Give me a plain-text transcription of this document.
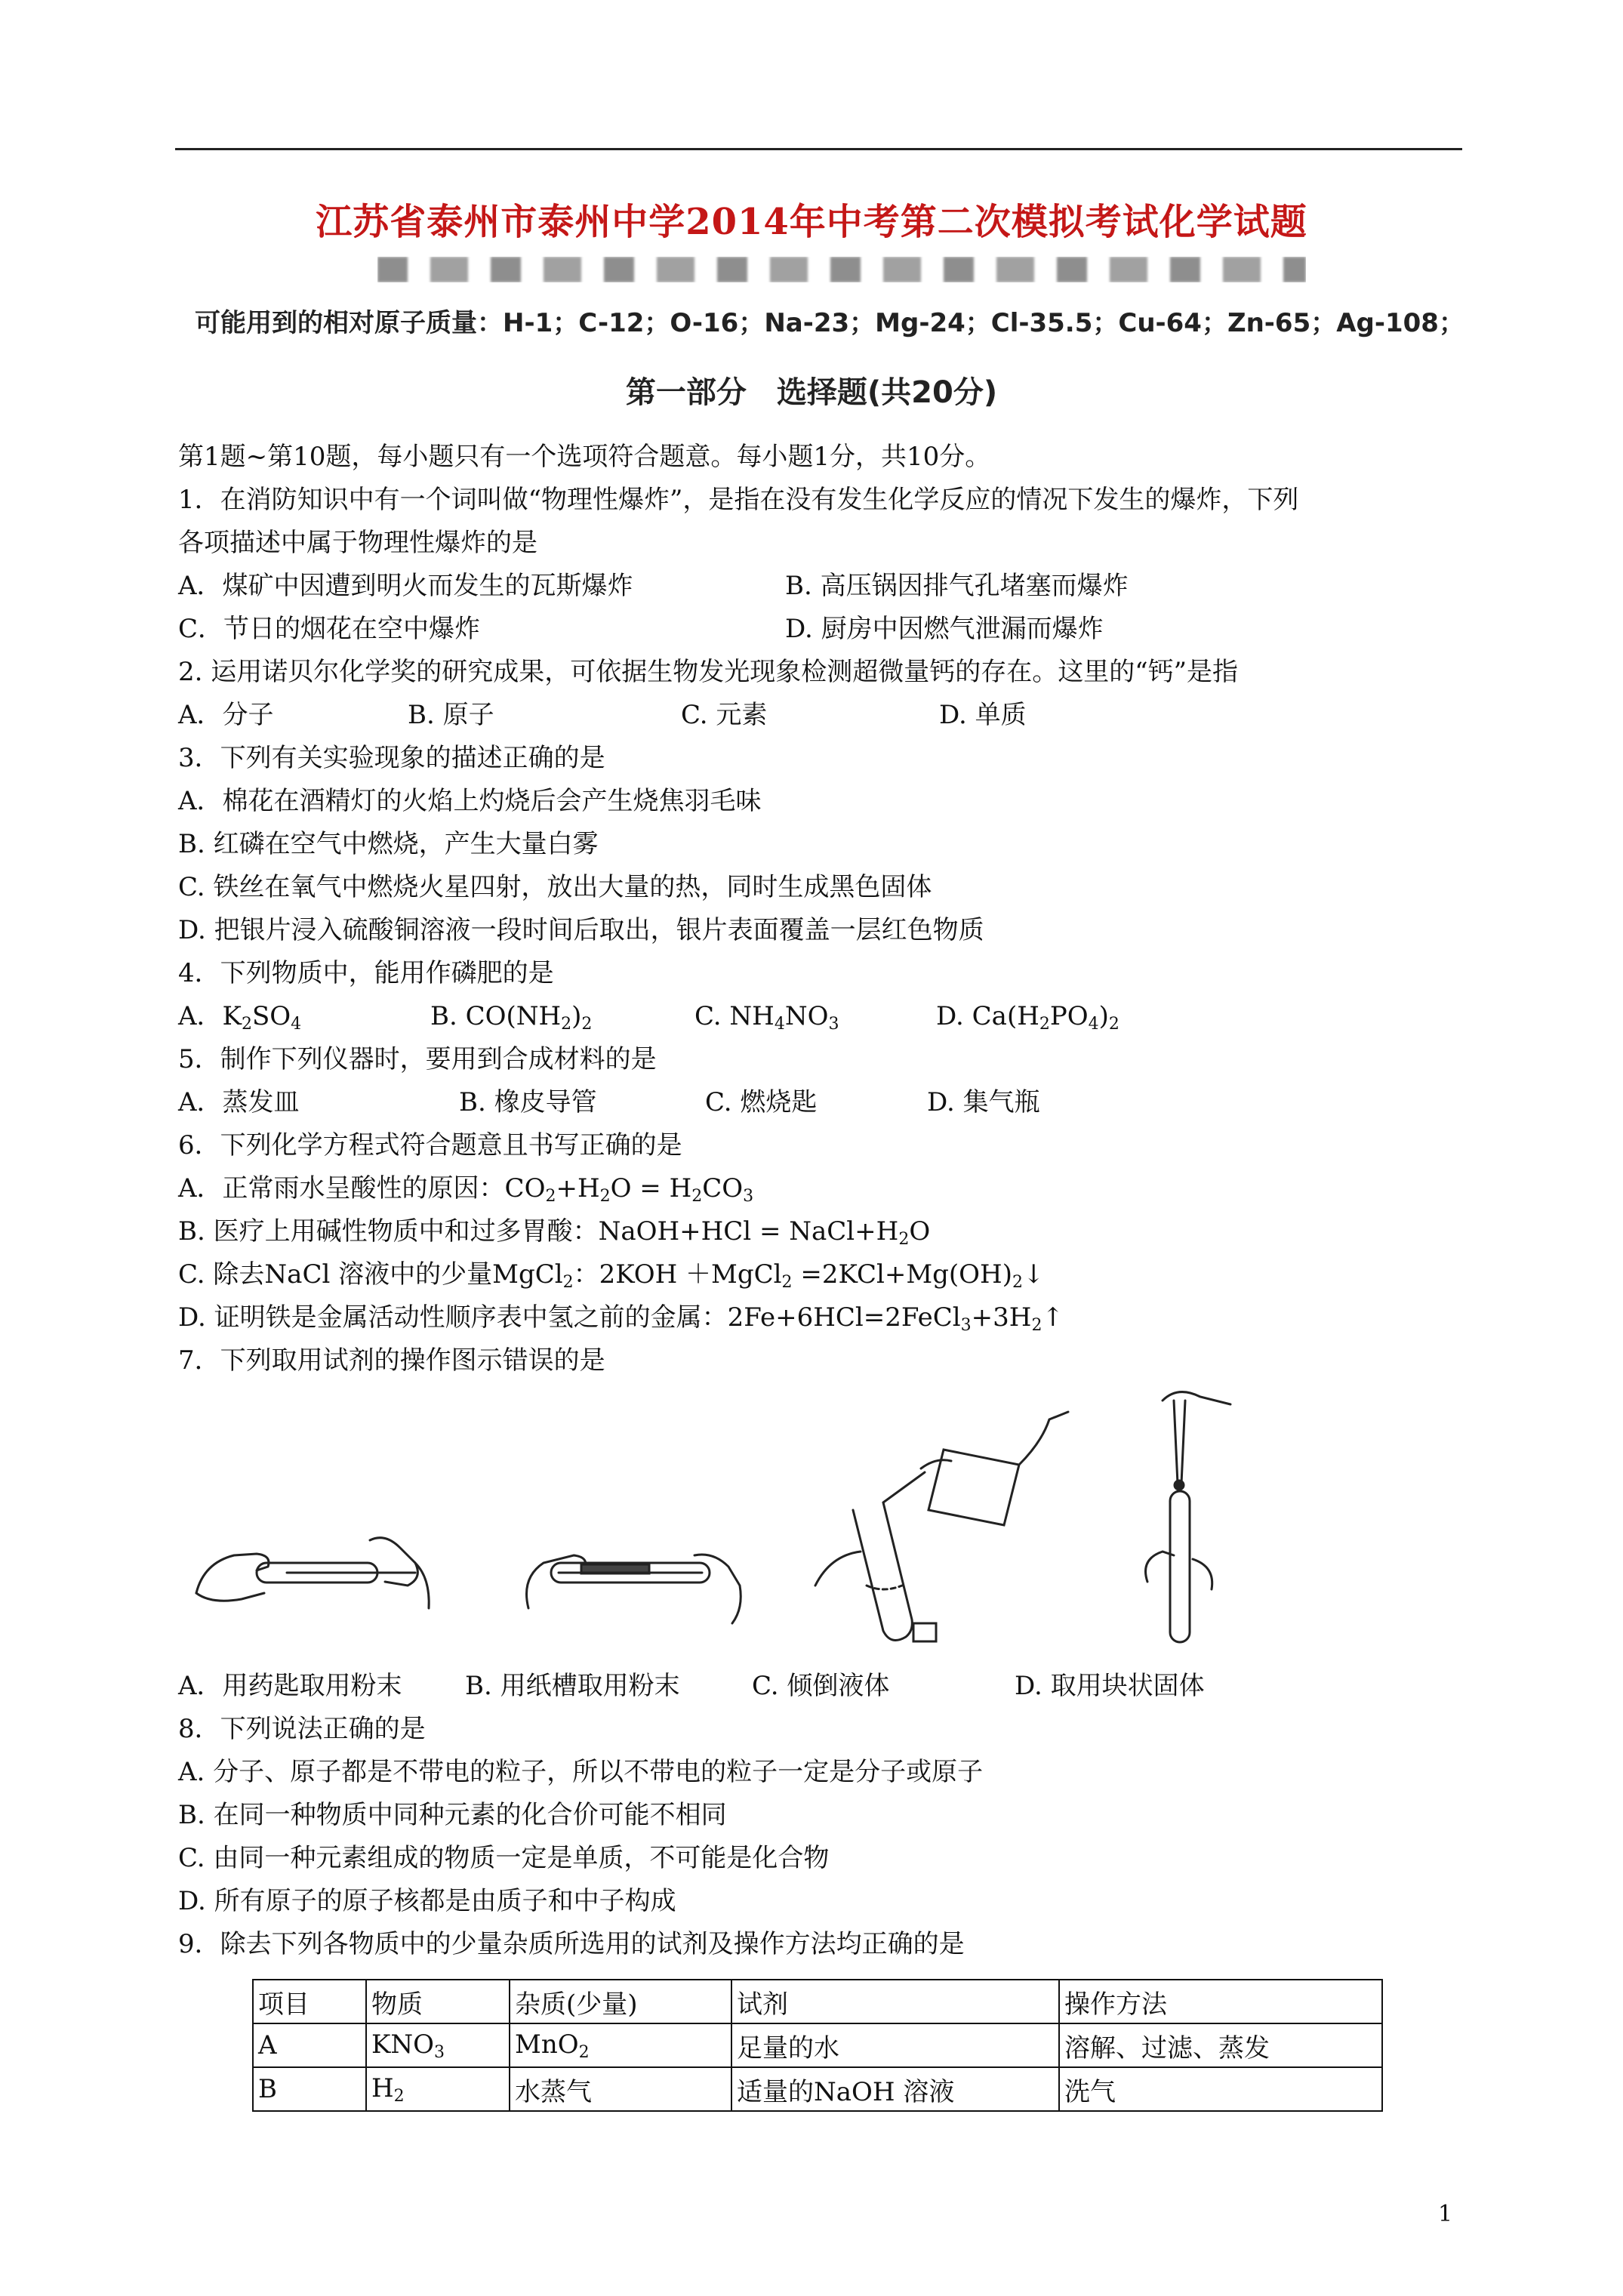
江苏省泰州市泰州中学2014年中考第二次模拟考试化学试题
可能用到的相对原子质量：H-1；C-12；O-16；Na-23；Mg-24；Cl-35.5；Cu-64；Zn-65；Ag-108；
第一部分　选择题(共20分)
第1题~第10题，每小题只有一个选项符合题意。每小题1分，共10分。
1．在消防知识中有一个词叫做“物理性爆炸”，是指在没有发生化学反应的情况下发生的爆炸，下列
各项描述中属于物理性爆炸的是
A．煤矿中因遭到明火而发生的瓦斯爆炸	B. 高压锅因排气孔堵塞而爆炸
C．节日的烟花在空中爆炸	D. 厨房中因燃气泄漏而爆炸
2. 运用诺贝尔化学奖的研究成果，可依据生物发光现象检测超微量钙的存在。这里的“钙”是指
A．分子	B. 原子	C. 元素	D. 单质
3．下列有关实验现象的描述正确的是
A．棉花在酒精灯的火焰上灼烧后会产生烧焦羽毛味
B. 红磷在空气中燃烧，产生大量白雾
C. 铁丝在氧气中燃烧火星四射，放出大量的热，同时生成黑色固体
D. 把银片浸入硫酸铜溶液一段时间后取出，银片表面覆盖一层红色物质
4．下列物质中，能用作磷肥的是
A．$K_2SO_4$	B. $CO(NH_2)_2$	C. $NH_4NO_3$	D. $Ca(H_2PO_4)_2$
5．制作下列仪器时，要用到合成材料的是
A．蒸发皿	B. 橡皮导管	C. 燃烧匙	D. 集气瓶
6．下列化学方程式符合题意且书写正确的是
A．正常雨水呈酸性的原因：$CO_2+H_2O = H_2CO_3$
B. 医疗上用碱性物质中和过多胃酸：NaOH+HCl = $NaCl+H_2O$
C. 除去NaCl 溶液中的少量MgCl$_2$：2KOH ＋MgCl$_2$ $=2KCl+Mg(OH)_2↓$
D. 证明铁是金属活动性顺序表中氢之前的金属：$2Fe+6HCl=2FeCl_3+3H_2↑$
7．下列取用试剂的操作图示错误的是
A．用药匙取用粉末 B. 用纸槽取用粉末	C. 倾倒液体	D. 取用块状固体
8．下列说法正确的是
A. 分子、原子都是不带电的粒子，所以不带电的粒子一定是分子或原子
B. 在同一种物质中同种元素的化合价可能不相同
C. 由同一种元素组成的物质一定是单质，不可能是化合物
D. 所有原子的原子核都是由质子和中子构成
9．除去下列各物质中的少量杂质所选用的试剂及操作方法均正确的是
项目	物质	杂质(少量)	试剂	操作方法
A	$KNO_3$	MnO$_2$	足量的水	溶解、过滤、蒸发
B	$H_2$	水蒸气	适量的NaOH 溶液	洗气
1
